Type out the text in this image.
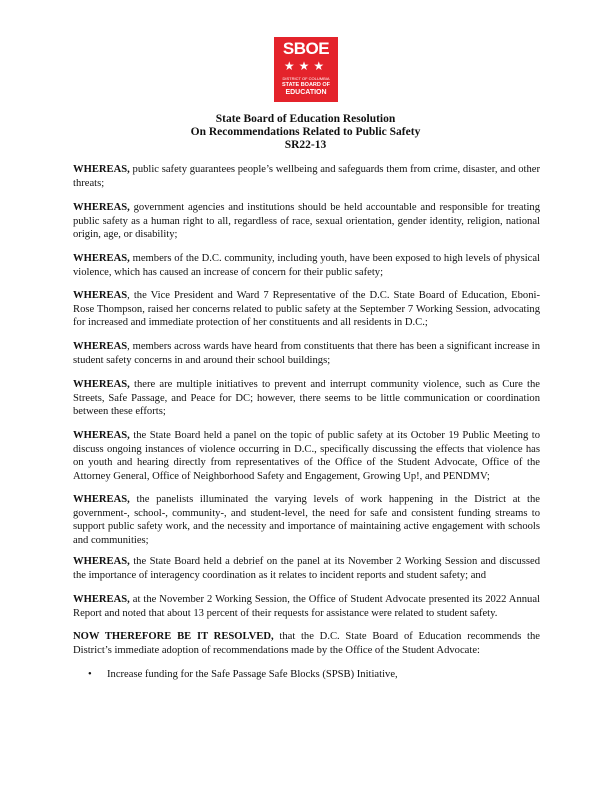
SBOE
★★★
DISTRICT OF COLUMBIA
STATE BOARD OF
EDUCATION
State Board of Education Resolution
On Recommendations Related to Public Safety
SR22-13

WHEREAS, public safety guarantees people’s wellbeing and safeguards them from crime, disaster, and other threats;

WHEREAS, government agencies and institutions should be held accountable and responsible for treating public safety as a human right to all, regardless of race, sexual orientation, gender identity, religion, national origin, age, or disability;

WHEREAS, members of the D.C. community, including youth, have been exposed to high levels of physical violence, which has caused an increase of concern for their public safety;

WHEREAS, the Vice President and Ward 7 Representative of the D.C. State Board of Education, Eboni-Rose Thompson, raised her concerns related to public safety at the September 7 Working Session, advocating for increased and immediate protection of her constituents and all residents in D.C.;

WHEREAS, members across wards have heard from constituents that there has been a significant increase in student safety concerns in and around their school buildings;

WHEREAS, there are multiple initiatives to prevent and interrupt community violence, such as Cure the Streets, Safe Passage, and Peace for DC; however, there seems to be little communication or coordination between these efforts;

WHEREAS, the State Board held a panel on the topic of public safety at its October 19 Public Meeting to discuss ongoing instances of violence occurring in D.C., specifically discussing the effects that violence has on youth and hearing directly from representatives of the Office of the Student Advocate, Office of the Attorney General, Office of Neighborhood Safety and Engagement, Growing Up!, and PENDMV;

WHEREAS, the panelists illuminated the varying levels of work happening in the District at the government-, school-, community-, and student-level, the need for safe and consistent funding streams to support public safety work, and the necessity and importance of maintaining active engagement with schools and communities;

WHEREAS, the State Board held a debrief on the panel at its November 2 Working Session and discussed the importance of interagency coordination as it relates to incident reports and student safety; and

WHEREAS, at the November 2 Working Session, the Office of Student Advocate presented its 2022 Annual Report and noted that about 13 percent of their requests for assistance were related to student safety.

NOW THEREFORE BE IT RESOLVED, that the D.C. State Board of Education recommends the District’s immediate adoption of recommendations made by the Office of the Student Advocate:

• Increase funding for the Safe Passage Safe Blocks (SPSB) Initiative,
